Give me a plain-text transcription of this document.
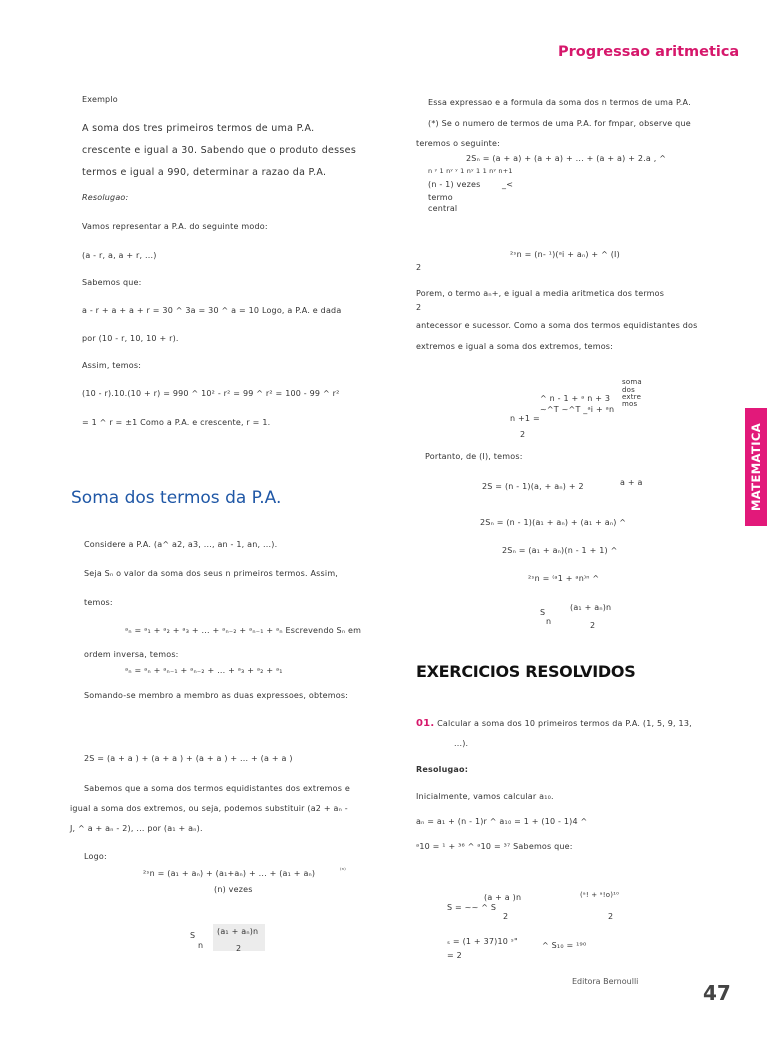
Progressao aritmetica
MATEMATICA
Exemplo
A soma dos tres primeiros termos de uma P.A. crescente e igual a 30. Sabendo que o produto desses termos e igual a 990, determinar a razao da P.A.
Resolugao:
Vamos representar a P.A. do seguinte modo:
(a - r, a, a + r, ...)
Sabemos que:
a - r + a + a + r = 30 ^ 3a = 30 ^ a = 10 Logo, a P.A. e dada
por (10 - r, 10, 10 + r).
Assim, temos:
(10 - r).10.(10 + r) = 990 ^ 10² - r² = 99 ^ r² = 100 - 99 ^ r²
= 1 ^ r = ±1 Como a P.A. e crescente, r = 1.
Soma dos termos da P.A.
Considere a P.A. (a^ a2, a3, ..., an - 1, an, ...).
Seja Sₙ o valor da soma dos seus n primeiros termos. Assim,
temos:
ᵃₙ = ᵃ₁ + ᵃ₂ + ᵃ₃ + ... + ᵃₙ₋₂ + ᵃₙ₋₁ + ᵃₙ Escrevendo Sₙ em
ordem inversa, temos:
ᵃₙ = ᵃₙ + ᵃₙ₋₁ + ᵃₙ₋₂ + ... + ᵃ₃ + ᵃ₂ + ᵃ₁
Somando-se membro a membro as duas expressoes, obtemos:
2S = (a + a ) + (a + a ) + (a + a ) + ... + (a + a )
Sabemos que a soma dos termos equidistantes dos extremos e
igual a soma dos extremos, ou seja, podemos substituir (a2 + aₙ -
J, ^ a + aₙ - 2), ... por (a₁ + aₙ).
Logo:
²ˢn = (a₁ + aₙ) + (a₁+aₙ) + ... + (a₁ + aₙ)	⁽ⁿ⁾
(n) vezes
S
n
(a₁ + aₙ)n
2
Essa expressao e a formula da soma dos n termos de uma P.A.
(*) Se o numero de termos de uma P.A. for fmpar, observe que
teremos o seguinte:
2Sₙ = (a + a) + (a + a) + ... + (a + a) + 2.a , ^
n ʸ 1 nʸ ʸ 1 nʸ 1 1 nʸ n+1
(n - 1) vezes	_<
termo
central
²ˢn = (n- ¹)(ᵃi + aₙ) + ^ (I)
2
Porem, o termo aₙ+, e igual a media aritmetica dos termos
2
antecessor e sucessor. Como a soma dos termos equidistantes dos
extremos e igual a soma dos extremos, temos:
soma
dos
extre
mos
^ n - 1 + ᵃ n + 3
~^T ~^T _ᵃi + ᵃn
n +1 =
2
Portanto, de (I), temos:
a + a
2S = (n - 1)(a, + aₙ) + 2
2Sₙ = (n - 1)(a₁ + aₙ) + (a₁ + aₙ) ^
2Sₙ = (a₁ + aₙ)(n - 1 + 1) ^
²ˢn = ⁽ᵃ1 + ᵃn⁾ⁿ ^
S
n
(a₁ + aₙ)n
2
EXERCICIOS RESOLVIDOS
01. Calcular a soma dos 10 primeiros termos da P.A. (1, 5, 9, 13,
...).
Resolugao:
Inicialmente, vamos calcular a₁₀.
aₙ = a₁ + (n - 1)r ^ a₁₀ = 1 + (10 - 1)4 ^
ᵃ10 = ¹ + ³⁶ ^ ᵃ10 = ³⁷ Sabemos que:
(a + a )n
S = ~~ ^ S
2
(ᵃ! + ᵃ!o)¹⁰
2
ₛ = (1 + 37)10 ˢ"
= 2
^ S₁₀ = ¹⁹⁰
Editora Bernoulli	47
